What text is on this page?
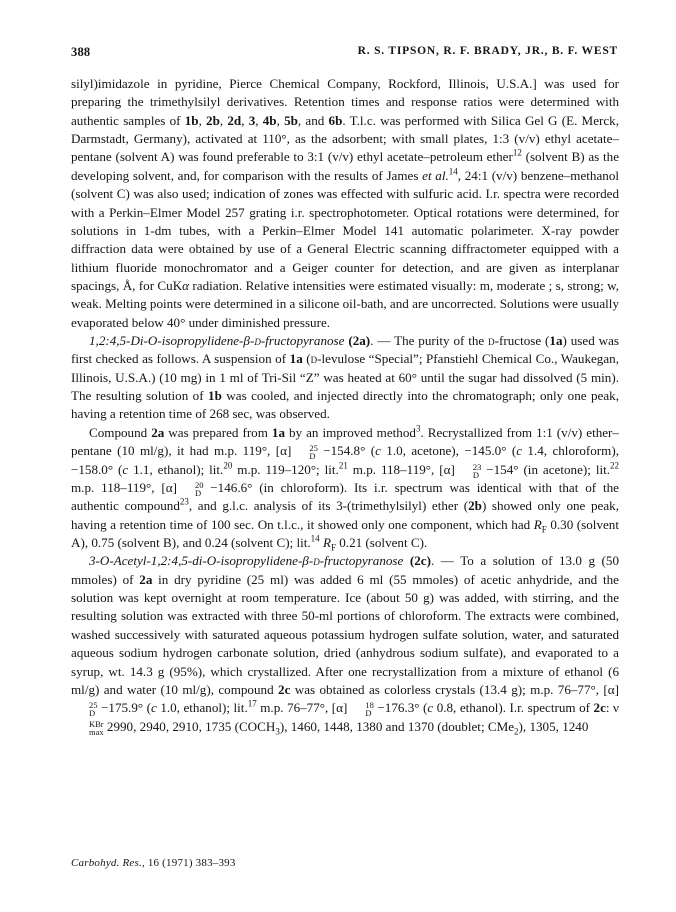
388	R. S. TIPSON, R. F. BRADY, JR., B. F. WEST

silyl)imidazole in pyridine, Pierce Chemical Company, Rockford, Illinois, U.S.A.] was used for preparing the trimethylsilyl derivatives. Retention times and response ratios were determined with authentic samples of 1b, 2b, 2d, 3, 4b, 5b, and 6b. T.l.c. was performed with Silica Gel G (E. Merck, Darmstadt, Germany), activated at 110°, as the adsorbent; with small plates, 1:3 (v/v) ethyl acetate–pentane (solvent A) was found preferable to 3:1 (v/v) ethyl acetate–petroleum ether$^{12}$ (solvent B) as the developing solvent, and, for comparison with the results of James et al.$^{14}$, 24:1 (v/v) benzene–methanol (solvent C) was also used; indication of zones was effected with sulfuric acid. I.r. spectra were recorded with a Perkin–Elmer Model 257 grating i.r. spectrophotometer. Optical rotations were determined, for solutions in 1-dm tubes, with a Perkin–Elmer Model 141 automatic polarimeter. X-ray powder diffraction data were obtained by use of a General Electric scanning diffractometer equipped with a lithium fluoride monochromator and a Geiger counter for detection, and are given as interplanar spacings, Å, for CuKα radiation. Relative intensities were estimated visually: m, moderate ; s, strong; w, weak. Melting points were determined in a silicone oil-bath, and are uncorrected. Solutions were usually evaporated below 40° under diminished pressure.

1,2:4,5-Di-O-isopropylidene-β-d-fructopyranose (2a). — The purity of the d-fructose (1a) used was first checked as follows. A suspension of 1a (d-levulose “Special”; Pfanstiehl Chemical Co., Waukegan, Illinois, U.S.A.) (10 mg) in 1 ml of Tri-Sil “Z” was heated at 60° until the sugar had dissolved (5 min). The resulting solution of 1b was cooled, and injected directly into the chromatograph; only one peak, having a retention time of 268 sec, was observed.

Compound 2a was prepared from 1a by an improved method$^3$. Recrystallized from 1:1 (v/v) ether–pentane (10 ml/g), it had m.p. 119°, [α]	25
D −154.8° (c 1.0, acetone), −145.0° (c 1.4, chloroform), −158.0° (c 1.1, ethanol); lit.$^{20}$ m.p. 119–120°; lit.$^{21}$ m.p. 118–119°, [α]	23
D −154° (in acetone); lit.$^{22}$ m.p. 118–119°, [α]	20
D −146.6° (in chloroform). Its i.r. spectrum was identical with that of the authentic compound$^{23}$, and g.l.c. analysis of its 3-(trimethylsilyl) ether (2b) showed only one peak, having a retention time of 100 sec. On t.l.c., it showed only one component, which had $R_F$ 0.30 (solvent A), 0.75 (solvent B), and 0.24 (solvent C); lit.$^{14}$ $R_F$ 0.21 (solvent C).

3-O-Acetyl-1,2:4,5-di-O-isopropylidene-β-d-fructopyranose (2c). — To a solution of 13.0 g (50 mmoles) of 2a in dry pyridine (25 ml) was added 6 ml (55 mmoles) of acetic anhydride, and the solution was kept overnight at room temperature. Ice (about 50 g) was added, with stirring, and the resulting solution was extracted with three 50-ml portions of chloroform. The extracts were combined, washed successively with saturated aqueous potassium hydrogen sulfate solution, water, and saturated aqueous sodium hydrogen carbonate solution, dried (anhydrous sodium sulfate), and evaporated to a syrup, wt. 14.3 g (95%), which crystallized. After one recrystallization from a mixture of ethanol (6 ml/g) and water (10 ml/g), compound 2c was obtained as colorless crystals (13.4 g); m.p. 76–77°, [α]
25
D −175.9° (c 1.0, ethanol); lit.$^{17}$ m.p. 76–77°, [α]	18
D −176.3° (c 0.8, ethanol). I.r. spectrum of 2c: ν
KBr
max 2990, 2940, 2910, 1735 $(COCH_3)$, 1460, 1448, 1380 and 1370 (doublet; CMe$_2$), 1305, 1240

Carbohyd. Res., 16 (1971) 383–393
